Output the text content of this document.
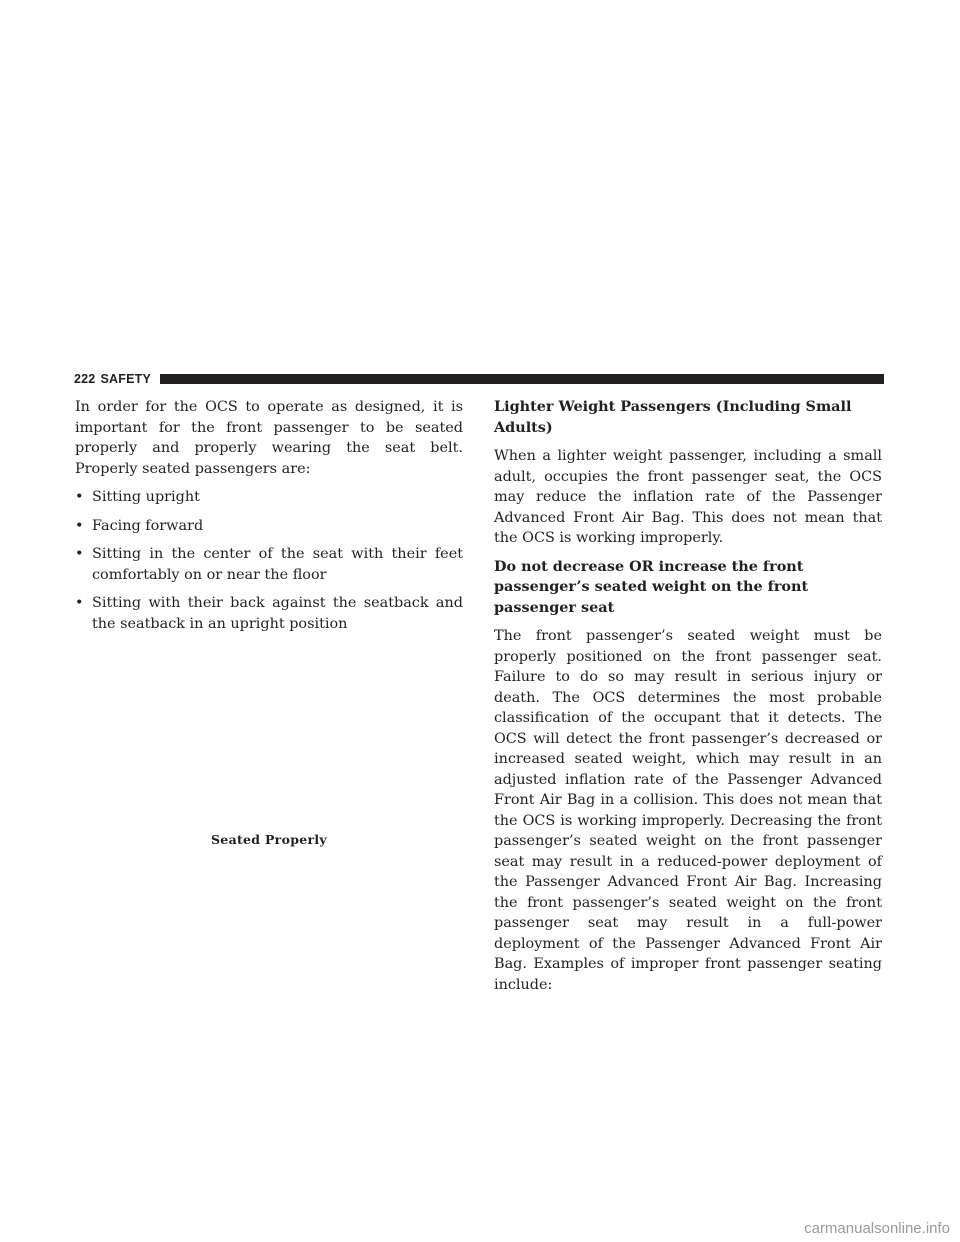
222 SAFETY

In order for the OCS to operate as designed, it is important for the front passenger to be seated properly and properly wearing the seat belt. Properly seated passengers are:

• Sitting upright
• Facing forward
• Sitting in the center of the seat with their feet comfortably on or near the floor
• Sitting with their back against the seatback and the seatback in an upright position
Seated Properly
Lighter Weight Passengers (Including Small Adults)

When a lighter weight passenger, including a small adult, occupies the front passenger seat, the OCS may reduce the inflation rate of the Passenger Advanced Front Air Bag. This does not mean that the OCS is working improperly.

Do not decrease OR increase the front passenger’s seated weight on the front passenger seat

The front passenger’s seated weight must be properly positioned on the front passenger seat. Failure to do so may result in serious injury or death. The OCS determines the most probable classification of the occupant that it detects. The OCS will detect the front passenger’s decreased or increased seated weight, which may result in an adjusted inflation rate of the Passenger Advanced Front Air Bag in a collision. This does not mean that the OCS is working improperly. Decreasing the front passenger’s seated weight on the front passenger seat may result in a reduced-power deployment of the Passenger Advanced Front Air Bag. Increasing the front passenger’s seated weight on the front passenger seat may result in a full-power deployment of the Passenger Advanced Front Air Bag. Examples of improper front passenger seating include:

carmanualsonline.info
